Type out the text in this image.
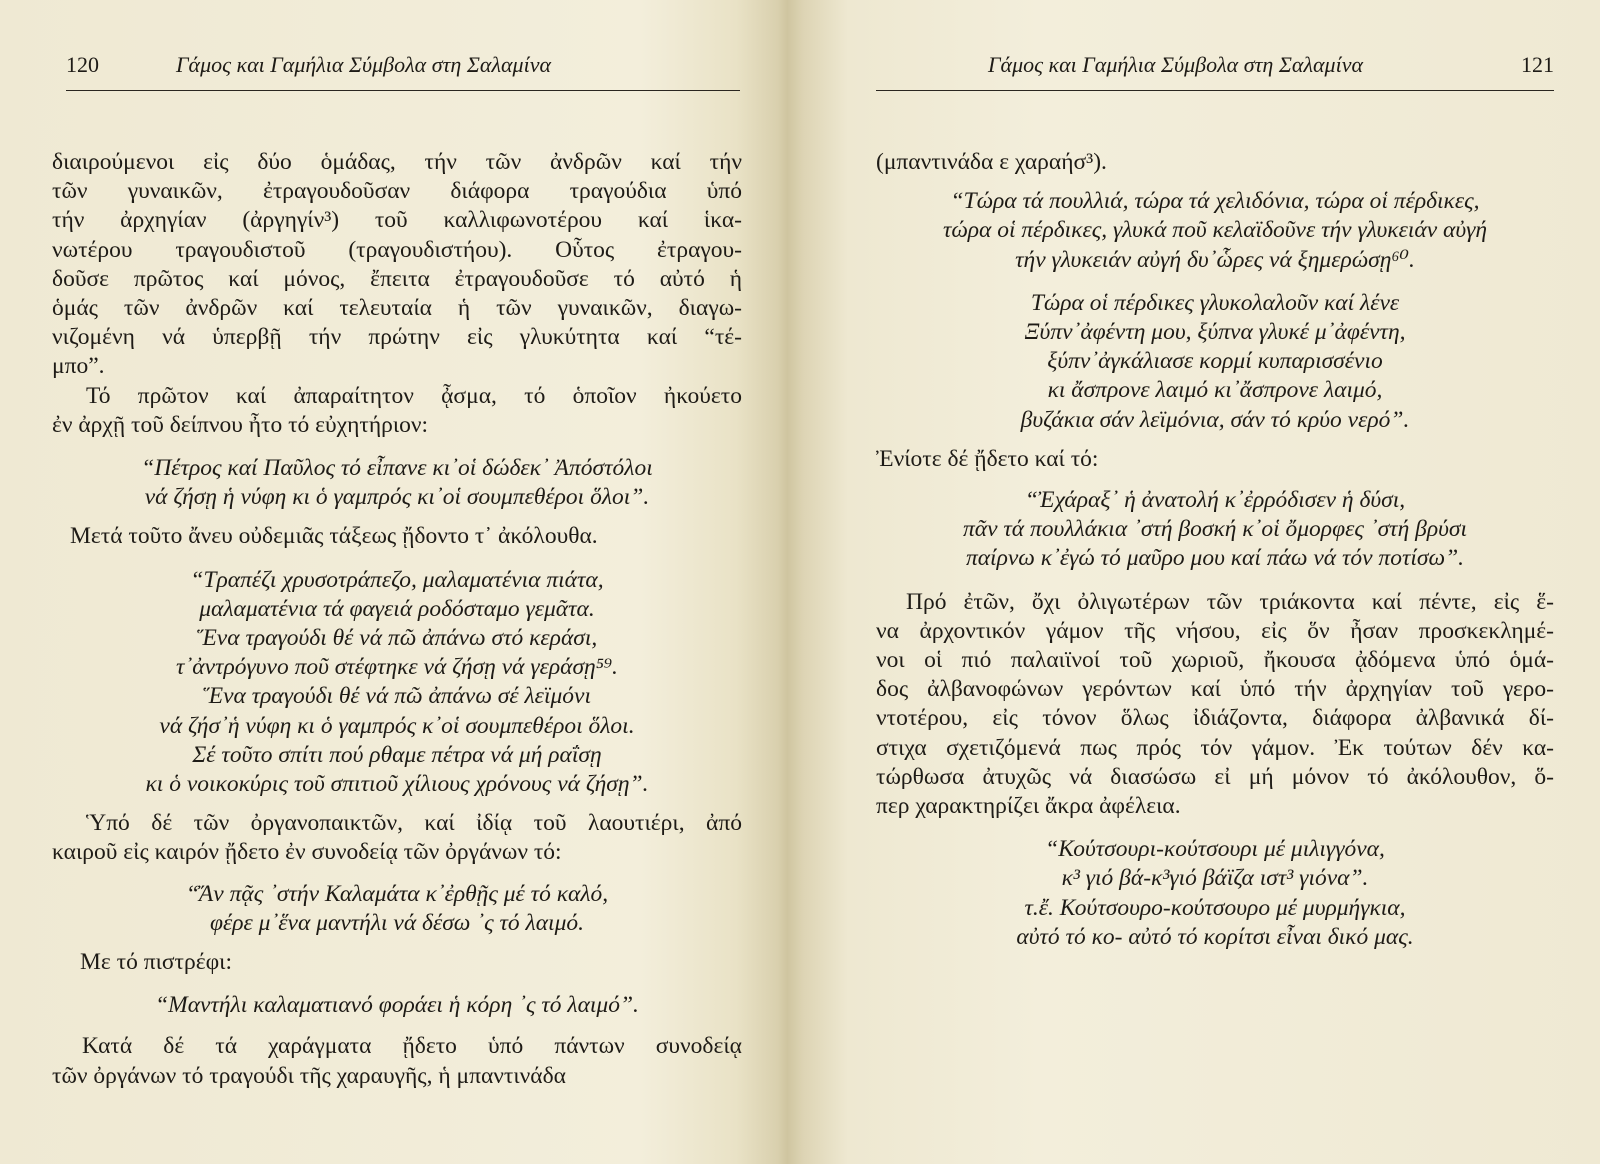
120	Γάμος και Γαμήλια Σύμβολα στη Σαλαμίνα

διαιρούμενοι εἰς δύο ὁμάδας, τήν τῶν ἀνδρῶν καί τήν
τῶν γυναικῶν, ἐτραγουδοῦσαν διάφορα τραγούδια ὑπό
τήν ἀρχηγίαν (ἀργηγίν³) τοῦ καλλιφωνοτέρου καί ἱκα-
νωτέρου τραγουδιστοῦ (τραγουδιστήου). Οὗτος ἐτραγου-
δοῦσε πρῶτος καί μόνος, ἔπειτα ἐτραγουδοῦσε τό αὐτό ἡ
ὁμάς τῶν ἀνδρῶν καί τελευταία ἡ τῶν γυναικῶν, διαγω-
νιζομένη νά ὑπερβῇ τήν πρώτην εἰς γλυκύτητα καί “τέ-
μπο”.

Τό πρῶτον καί ἀπαραίτητον ᾆσμα, τό ὁποῖον ἠκούετο
ἐν ἀρχῇ τοῦ δείπνου ἦτο τό εὐχητήριον:

“Πέτρος καί Παῦλος τό εἶπανε κι᾽οἱ δώδεκ᾽ Ἀπόστόλοι
νά ζήσῃ ἡ νύφη κι ὁ γαμπρός κι᾽οἱ σουμπεθέροι ὅλοι”.

Μετά τοῦτο ἄνευ οὐδεμιᾶς τάξεως ᾔδοντο τ᾽ ἀκόλουθα.

“Τραπέζι χρυσοτράπεζο, μαλαματένια πιάτα,
μαλαματένια τά φαγειά ροδόσταμο γεμᾶτα.
Ἕνα τραγούδι θέ νά πῶ ἀπάνω στό κεράσι,
τ᾽ἀντρόγυνο ποῦ στέφτηκε νά ζήσῃ νά γεράσῃ⁵⁹.
Ἕνα τραγούδι θέ νά πῶ ἀπάνω σέ λεϊμόνι
νά ζήσ᾽ἡ νύφη κι ὁ γαμπρός κ᾽οἱ σουμπεθέροι ὅλοι.
Σέ τοῦτο σπίτι πού ρθαμε πέτρα νά μή ραΐσῃ
κι ὁ νοικοκύρις τοῦ σπιτιοῦ χίλιους χρόνους νά ζήσῃ”.

Ὑπό δέ τῶν ὀργανοπαικτῶν, καί ἰδίᾳ τοῦ λαουτιέρι, ἀπό
καιροῦ εἰς καιρόν ᾔδετο ἐν συνοδείᾳ τῶν ὀργάνων τό:

“Ἄν πᾷς ᾽στήν Καλαμάτα κ᾽ἐρθῇς μέ τό καλό,
φέρε μ᾽ἕνα μαντήλι νά δέσω ᾽ς τό λαιμό.

Με τό πιστρέφι:

“Μαντήλι καλαματιανό φοράει ἡ κόρη ᾽ς τό λαιμό”.

Κατά δέ τά χαράγματα ᾔδετο ὑπό πάντων συνοδείᾳ
τῶν ὀργάνων τό τραγούδι τῆς χαραυγῆς, ἡ μπαντινάδα

Γάμος και Γαμήλια Σύμβολα στη Σαλαμίνα	121

(μπαντινάδα ε χαραήσ³).

“Τώρα τά πουλλιά, τώρα τά χελιδόνια, τώρα οἱ πέρδικες,
τώρα οἱ πέρδικες, γλυκά ποῦ κελαϊδοῦνε τήν γλυκειάν αὐγή
τήν γλυκειάν αὐγή δυ᾽ὧρες νά ξημερώσῃ⁶⁰.
Τώρα οἱ πέρδικες γλυκολαλοῦν καί λένε
Ξύπν᾽ἀφέντη μου, ξύπνα γλυκέ μ᾽ἀφέντη,
ξύπν᾽ἀγκάλιασε κορμί κυπαρισσένιο
κι ἄσπρονε λαιμό κι᾽ἄσπρονε λαιμό,
βυζάκια σάν λεϊμόνια, σάν τό κρύο νερό”.

Ἐνίοτε δέ ᾔδετο καί τό:

“Ἐχάραξ᾽ ἡ ἀνατολή κ᾽ἐρρόδισεν ἡ δύσι,
πᾶν τά πουλλάκια ᾽στή βοσκή κ᾽οἱ ὄμορφες ᾽στή βρύσι
παίρνω κ᾽ἐγώ τό μαῦρο μου καί πάω νά τόν ποτίσω”.

Πρό ἐτῶν, ὄχι ὀλιγωτέρων τῶν τριάκοντα καί πέντε, εἰς ἕ-
να ἀρχοντικόν γάμον τῆς νήσου, εἰς ὅν ἦσαν προσκεκλημέ-
νοι οἱ πιό παλαιϊνοί τοῦ χωριοῦ, ἤκουσα ᾀδόμενα ὑπό ὁμά-
δος ἀλβανοφώνων γερόντων καί ὑπό τήν ἀρχηγίαν τοῦ γερο-
ντοτέρου, εἰς τόνον ὅλως ἰδιάζοντα, διάφορα ἀλβανικά δί-
στιχα σχετιζόμενά πως πρός τόν γάμον. Ἐκ τούτων δέν κα-
τώρθωσα ἀτυχῶς νά διασώσω εἰ μή μόνον τό ἀκόλουθον, ὅ-
περ χαρακτηρίζει ἄκρα ἀφέλεια.

“Κούτσουρι-κούτσουρι μέ μιλιγγόνα,
κ³ γιό βά-κ³γιό βάϊζα ιστ³ γιόνα”.
τ.ἔ. Κούτσουρο-κούτσουρο μέ μυρμήγκια,
αὐτό τό κο- αὐτό τό κορίτσι εἶναι δικό μας.
